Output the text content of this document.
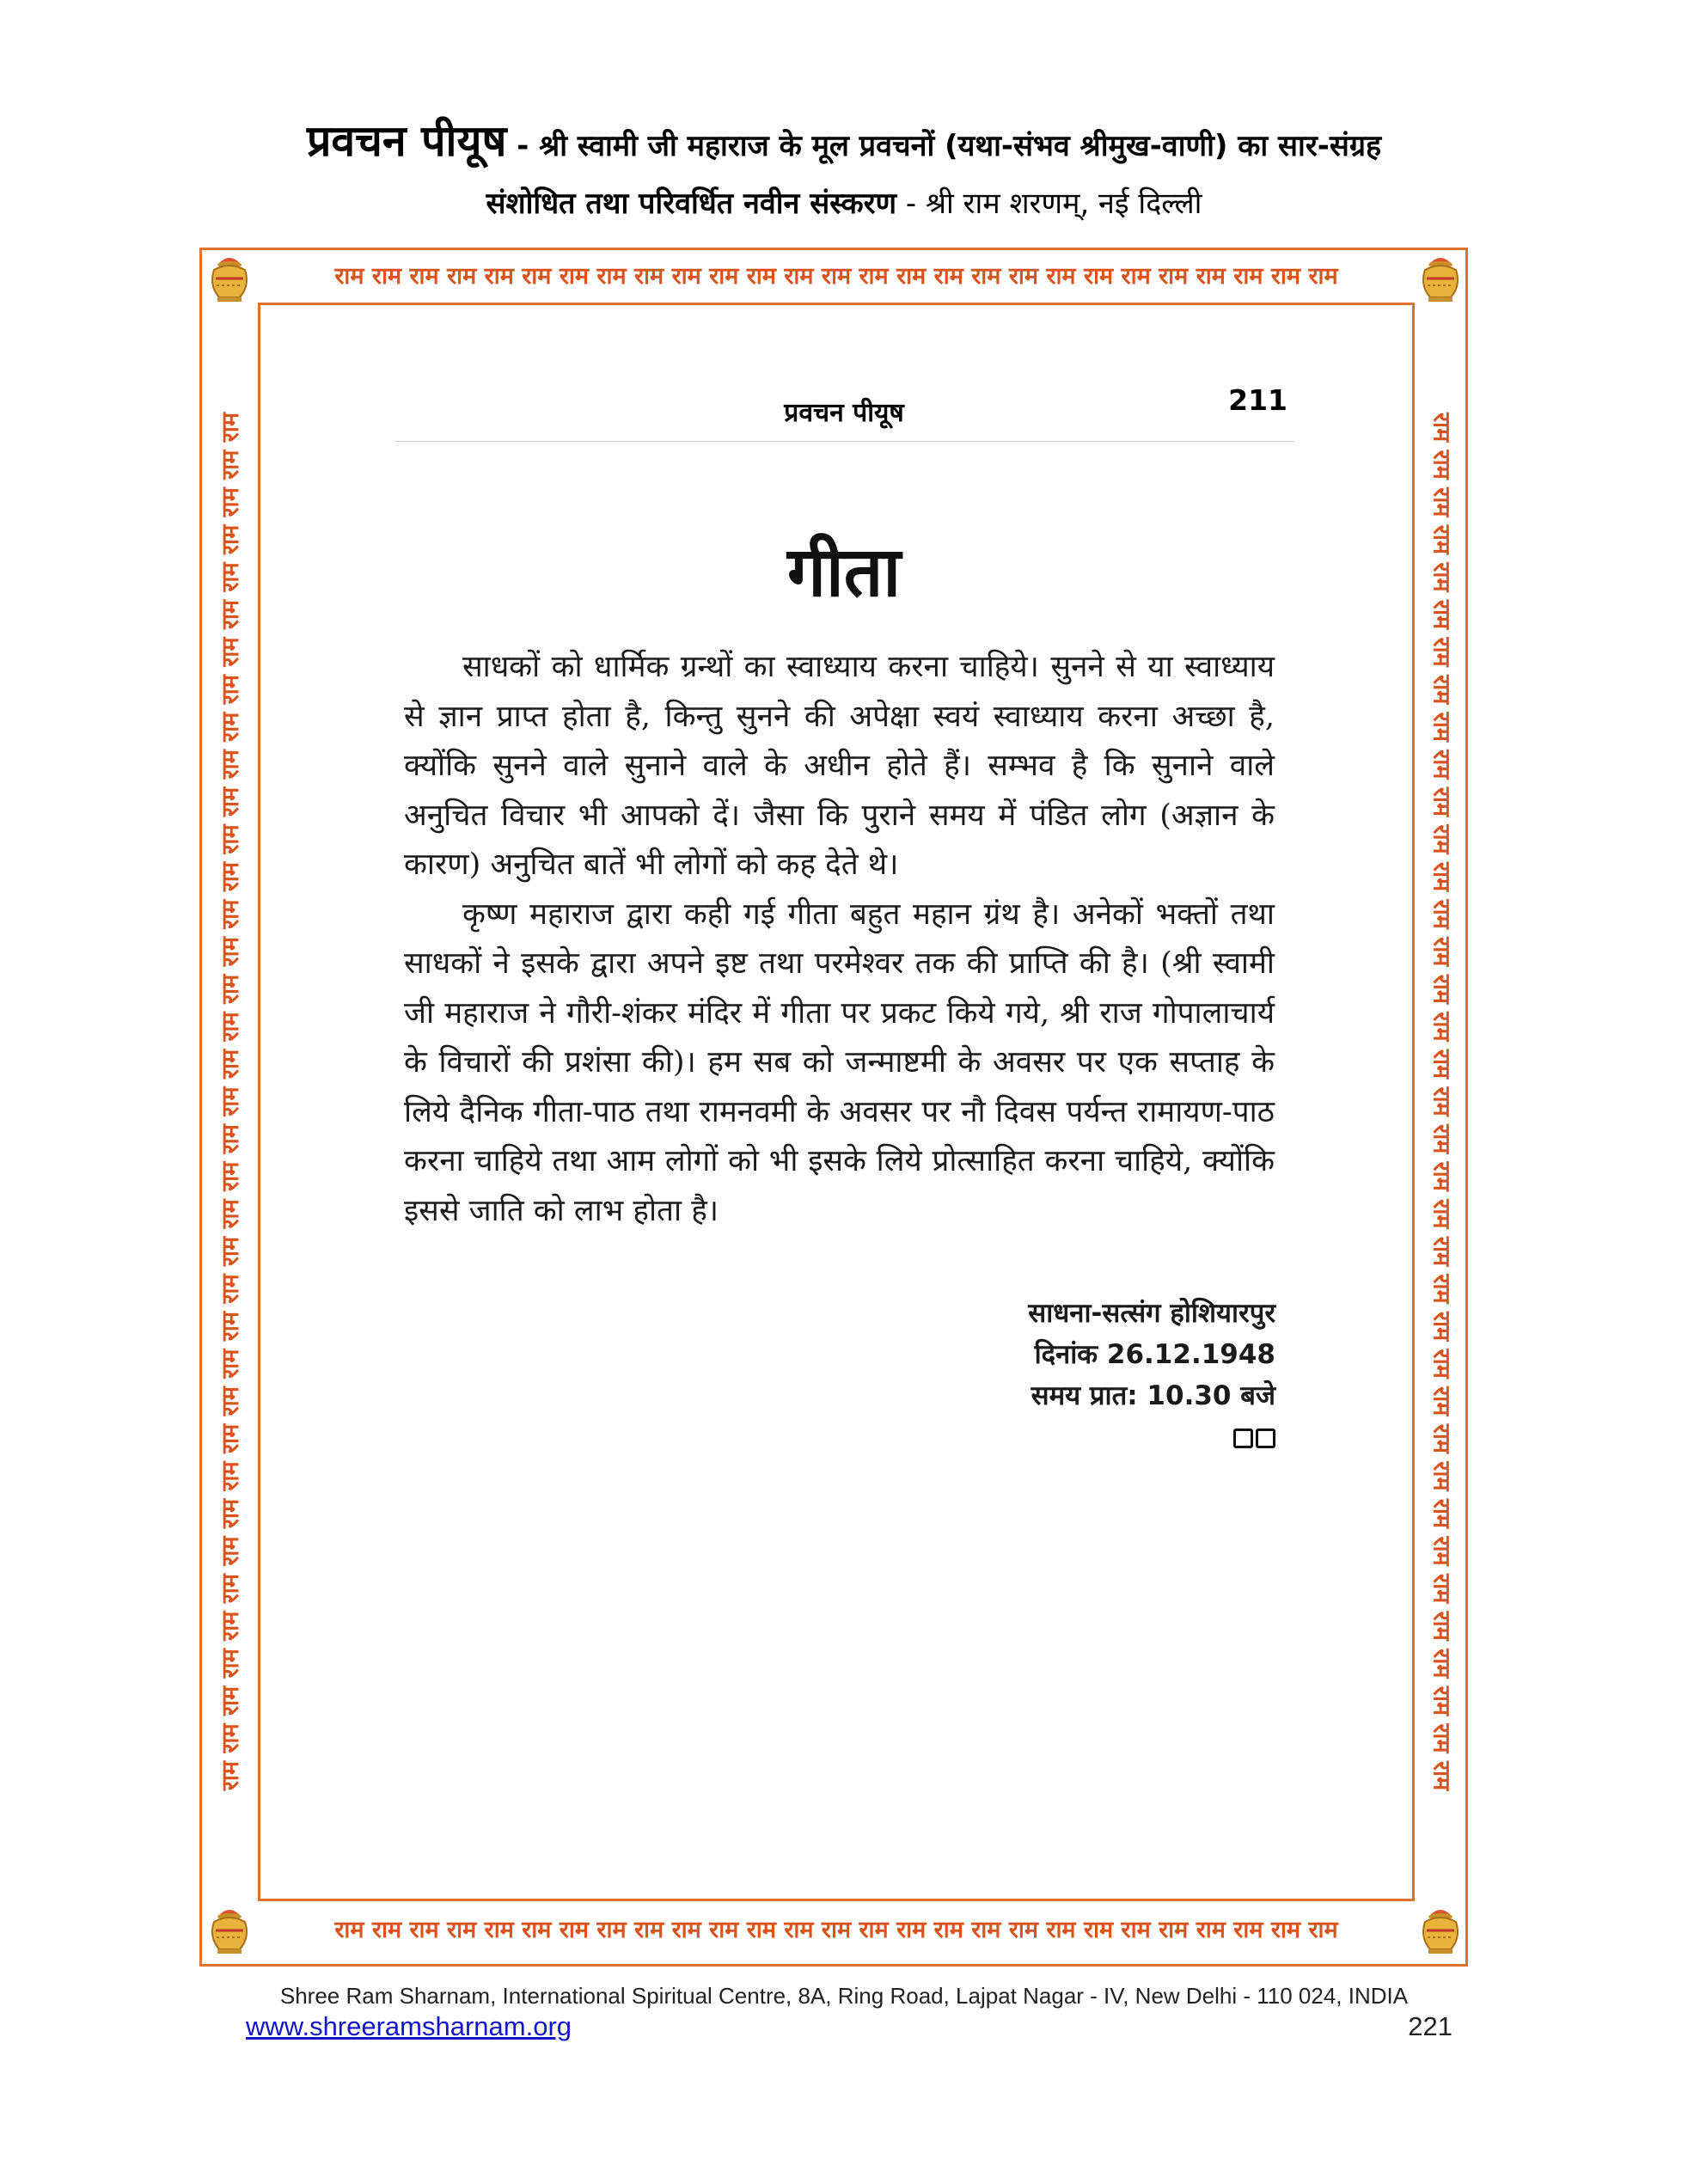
प्रवचन पीयूष - श्री स्वामी जी महाराज के मूल प्रवचनों (यथा-संभव श्रीमुख-वाणी) का सार-संग्रह
संशोधित तथा परिवर्धित नवीन संस्करण - श्री राम शरणम्, नई दिल्ली
राम राम राम राम राम राम राम राम राम राम राम राम राम राम राम राम राम राम राम राम राम राम राम राम राम राम राम
राम राम राम राम राम राम राम राम राम राम राम राम राम राम राम राम राम राम राम राम राम राम राम राम राम राम राम
राम राम राम राम राम राम राम राम राम राम राम राम राम राम राम राम राम राम राम राम राम राम राम राम राम राम राम राम राम राम राम राम राम राम राम राम राम	राम राम राम राम राम राम राम राम राम राम राम राम राम राम राम राम राम राम राम राम राम राम राम राम राम राम राम राम राम राम राम राम राम राम राम राम राम
प्रवचन पीयूष	211
गीता

साधकों को धार्मिक ग्रन्थों का स्वाध्याय करना चाहिये। सुनने से या स्वाध्याय से ज्ञान प्राप्त होता है, किन्तु सुनने की अपेक्षा स्वयं स्वाध्याय करना अच्छा है, क्योंकि सुनने वाले सुनाने वाले के अधीन होते हैं। सम्भव है कि सुनाने वाले अनुचित विचार भी आपको दें। जैसा कि पुराने समय में पंडित लोग (अज्ञान के कारण) अनुचित बातें भी लोगों को कह देते थे।

कृष्ण महाराज द्वारा कही गई गीता बहुत महान ग्रंथ है। अनेकों भक्तों तथा साधकों ने इसके द्वारा अपने इष्ट तथा परमेश्वर तक की प्राप्ति की है। (श्री स्वामी जी महाराज ने गौरी-शंकर मंदिर में गीता पर प्रकट किये गये, श्री राज गोपालाचार्य के विचारों की प्रशंसा की)। हम सब को जन्माष्टमी के अवसर पर एक सप्ताह के लिये दैनिक गीता-पाठ तथा रामनवमी के अवसर पर नौ दिवस पर्यन्त रामायण-पाठ करना चाहिये तथा आम लोगों को भी इसके लिये प्रोत्साहित करना चाहिये, क्योंकि इससे जाति को लाभ होता है।

साधना-सत्संग होशियारपुर
दिनांक 26.12.1948
समय प्रात: 10.30 बजे
Shree Ram Sharnam, International Spiritual Centre, 8A, Ring Road, Lajpat Nagar - IV, New Delhi - 110 024, INDIA
www.shreeramsharnam.org	221
